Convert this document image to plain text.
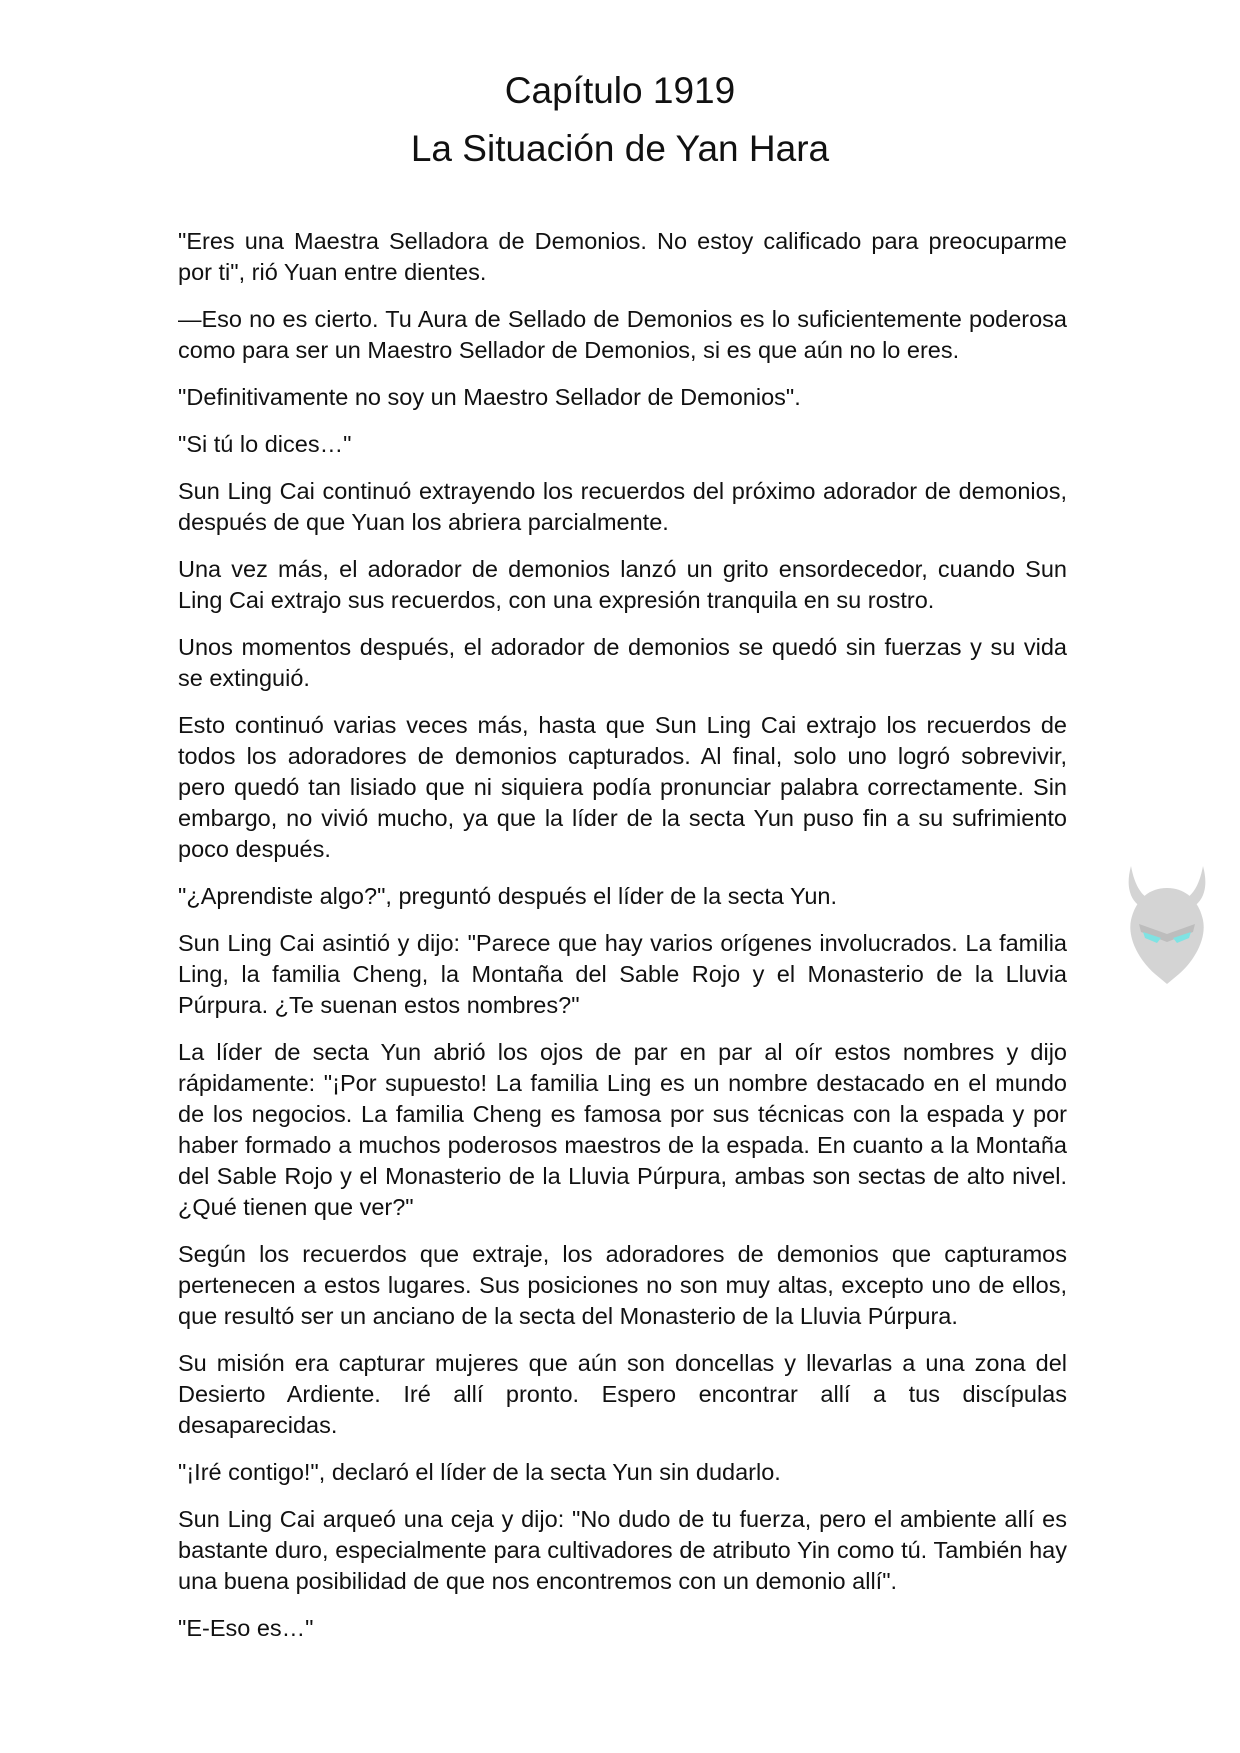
Capítulo 1919
La Situación de Yan Hara

"Eres una Maestra Selladora de Demonios. No estoy calificado para preocuparme por ti", rió Yuan entre dientes.

—Eso no es cierto. Tu Aura de Sellado de Demonios es lo suficientemente poderosa como para ser un Maestro Sellador de Demonios, si es que aún no lo eres.

"Definitivamente no soy un Maestro Sellador de Demonios".

"Si tú lo dices…"

Sun Ling Cai continuó extrayendo los recuerdos del próximo adorador de demonios, después de que Yuan los abriera parcialmente.

Una vez más, el adorador de demonios lanzó un grito ensordecedor, cuando Sun Ling Cai extrajo sus recuerdos, con una expresión tranquila en su rostro.

Unos momentos después, el adorador de demonios se quedó sin fuerzas y su vida se extinguió.

Esto continuó varias veces más, hasta que Sun Ling Cai extrajo los recuerdos de todos los adoradores de demonios capturados. Al final, solo uno logró sobrevivir, pero quedó tan lisiado que ni siquiera podía pronunciar palabra correctamente. Sin embargo, no vivió mucho, ya que la líder de la secta Yun puso fin a su sufrimiento poco después.

"¿Aprendiste algo?", preguntó después el líder de la secta Yun.

Sun Ling Cai asintió y dijo: "Parece que hay varios orígenes involucrados. La familia Ling, la familia Cheng, la Montaña del Sable Rojo y el Monasterio de la Lluvia Púrpura. ¿Te suenan estos nombres?"

La líder de secta Yun abrió los ojos de par en par al oír estos nombres y dijo rápidamente: "¡Por supuesto! La familia Ling es un nombre destacado en el mundo de los negocios. La familia Cheng es famosa por sus técnicas con la espada y por haber formado a muchos poderosos maestros de la espada. En cuanto a la Montaña del Sable Rojo y el Monasterio de la Lluvia Púrpura, ambas son sectas de alto nivel. ¿Qué tienen que ver?"

Según los recuerdos que extraje, los adoradores de demonios que capturamos pertenecen a estos lugares. Sus posiciones no son muy altas, excepto uno de ellos, que resultó ser un anciano de la secta del Monasterio de la Lluvia Púrpura.

Su misión era capturar mujeres que aún son doncellas y llevarlas a una zona del Desierto Ardiente. Iré allí pronto. Espero encontrar allí a tus discípulas desaparecidas.

"¡Iré contigo!", declaró el líder de la secta Yun sin dudarlo.

Sun Ling Cai arqueó una ceja y dijo: "No dudo de tu fuerza, pero el ambiente allí es bastante duro, especialmente para cultivadores de atributo Yin como tú. También hay una buena posibilidad de que nos encontremos con un demonio allí".

"E-Eso es…"
